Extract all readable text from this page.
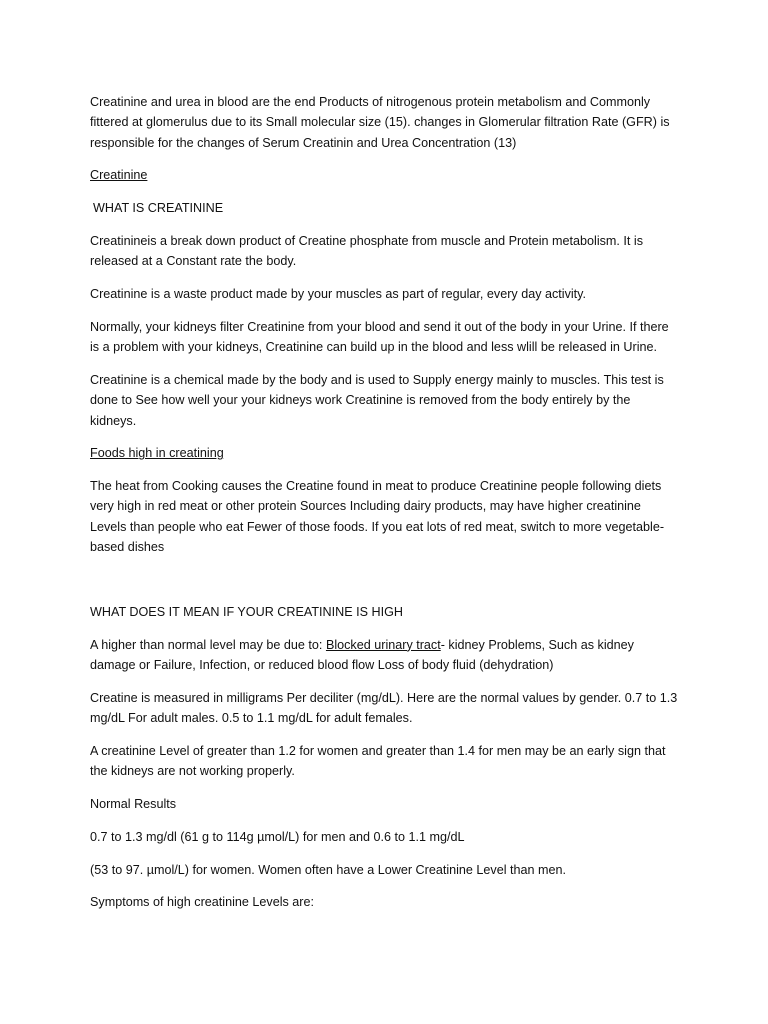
Creatinine and urea in blood are the end Products of nitrogenous protein metabolism and Commonly fittered at glomerulus due to its Small molecular size (15). changes in Glomerular filtration Rate (GFR) is responsible for the changes of Serum Creatinin and Urea Concentration (13)

Creatinine

WHAT IS CREATININE

Creatinineis a break down product of Creatine phosphate from muscle and Protein metabolism. It is released at a Constant rate the body.

Creatinine is a waste product made by your muscles as part of regular, every day activity.

Normally, your kidneys filter Creatinine from your blood and send it out of the body in your Urine. If there is a problem with your kidneys, Creatinine can build up in the blood and less wlill be released in Urine.

Creatinine is a chemical made by the body and is used to Supply energy mainly to muscles. This test is done to See how well your your kidneys work Creatinine is removed from the body entirely by the kidneys.

Foods high in creatining

The heat from Cooking causes the Creatine found in meat to produce Creatinine people following diets very high in red meat or other protein Sources Including dairy products, may have higher creatinine Levels than people who eat Fewer of those foods. If you eat lots of red meat, switch to more vegetable-based dishes

WHAT DOES IT MEAN IF YOUR CREATININE IS HIGH

A higher than normal level may be due to: Blocked urinary tract- kidney Problems, Such as kidney damage or Failure, Infection, or reduced blood flow Loss of body fluid (dehydration)

Creatine is measured in milligrams Per deciliter (mg/dL). Here are the normal values by gender. 0.7 to 1.3 mg/dL For adult males. 0.5 to 1.1 mg/dL for adult females.

A creatinine Level of greater than 1.2 for women and greater than 1.4 for men may be an early sign that the kidneys are not working properly.

Normal Results

0.7 to 1.3 mg/dl (61 g to 114g µmol/L) for men and 0.6 to 1.1 mg/dL

(53 to 97. µmol/L) for women. Women often have a Lower Creatinine Level than men.

Symptoms of high creatinine Levels are:
